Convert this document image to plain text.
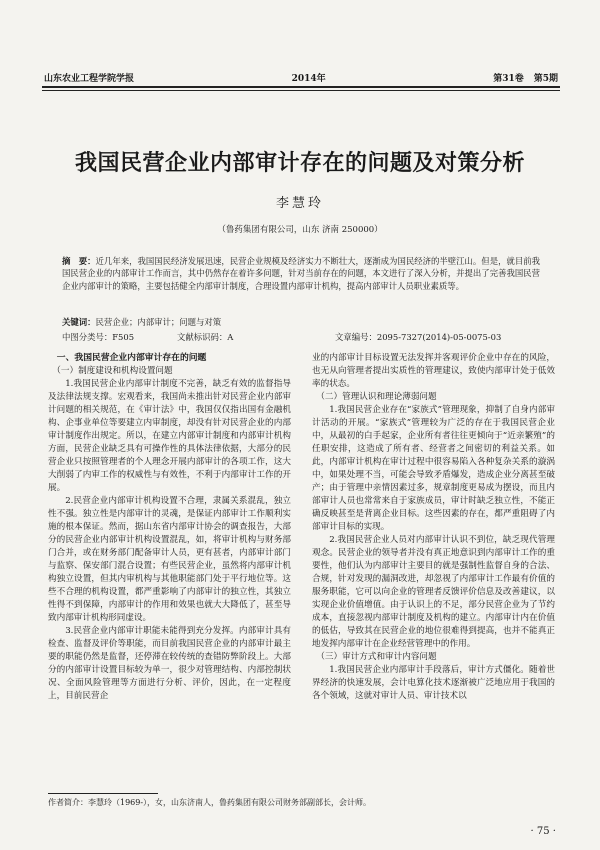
山东农业工程学院学报	2014年	第31卷 第5期
我国民营企业内部审计存在的问题及对策分析
李慧玲
（鲁药集团有限公司，山东 济南 250000）
摘　要：近几年来，我国国民经济发展迅速，民营企业规模及经济实力不断壮大，逐渐成为国民经济的半壁江山。但是，就目前我国民营企业的内部审计工作而言，其中仍然存在着许多问题，针对当前存在的问题，本文进行了深入分析，并提出了完善我国民营企业内部审计的策略，主要包括健全内部审计制度，合理设置内部审计机构，提高内部审计人员职业素质等。
关键词：民营企业；内部审计；问题与对策
中图分类号：F505	文献标识码：A	文章编号：2095-7327(2014)-05-0075-03
一、我国民营企业内部审计存在的问题
（一）制度建设和机构设置问题

1.我国民营企业内部审计制度不完善，缺乏有效的监督指导及法律法规支撑。宏观看来，我国尚未推出针对民营企业内部审计问题的相关规范，在《审计法》中，我国仅仅指出国有金融机构、企事业单位等要建立内审制度，却没有针对民营企业的内部审计制度作出规定。所以，在建立内部审计制度和内部审计机构方面，民营企业缺乏具有可操作性的具体法律依据，大部分的民营企业只按照管理者的个人理念开展内部审计的各项工作，这大大削弱了内审工作的权威性与有效性，不利于内部审计工作的开展。

2.民营企业内部审计机构设置不合理，隶属关系混乱，独立性不强。独立性是内部审计的灵魂，是保证内部审计工作顺利实施的根本保证。然而，据山东省内部审计协会的调查报告，大部分的民营企业内部审计机构设置混乱，如，将审计机构与财务部门合并，或在财务部门配备审计人员，更有甚者，内部审计部门与监察、保安部门混合设置；有些民营企业，虽然将内部审计机构独立设置，但其内审机构与其他职能部门处于平行地位等。这些不合理的机构设置，都严重影响了内部审计的独立性，其独立性得不到保障，内部审计的作用和效果也就大大降低了，甚至导致内部审计机构形同虚设。

3.民营企业内部审计职能未能得到充分发挥。内部审计具有检查、监督及评价等职能，而目前我国民营企业的内部审计最主要的职能仍然是监督，还停滞在较传统的查错防弊阶段上。大部分的内部审计设置目标较为单一，很少对管理结构、内部控制状况、全面风险管理等方面进行分析、评价，因此，在一定程度上，目前民营企

业的内部审计目标设置无法发挥并客观评价企业中存在的风险，也无从向管理者提出实质性的管理建议，致使内部审计处于低效率的状态。

（二）管理认识和理论薄弱问题

1.我国民营企业存在“家族式”管理现象，抑制了自身内部审计活动的开展。“家族式”管理较为广泛的存在于我国民营企业中，从最初的白手起家，企业所有者往往更倾向于“近亲繁殖”的任职安排，这造成了所有者、经营者之间密切的利益关系。如此，内部审计机构在审计过程中很容易陷入各种复杂关系的漩涡中，如果处理不当，可能会导致矛盾爆发，造成企业分离甚至破产；由于管理中亲情因素过多，规章制度更易成为摆设，而且内部审计人员也常常来自于家族成员，审计时缺乏独立性，不能正确反映甚至是背离企业目标。这些因素的存在，都严重阻碍了内部审计目标的实现。

2.我国民营企业人员对内部审计认识不到位，缺乏现代管理观念。民营企业的领导者并没有真正地意识到内部审计工作的重要性，他们认为内部审计主要目的就是强制性监督自身的合法、合规，针对发现的漏洞改进，却忽视了内部审计工作最有价值的服务职能，它可以向企业的管理者反馈评价信息及改善建议，以实现企业价值增值。由于认识上的不足，部分民营企业为了节约成本，直接忽视内部审计制度及机构的建立。内部审计内在价值的低估，导致其在民营企业的地位很难得到提高，也并不能真正地发挥内部审计在企业经营管理中的作用。

（三）审计方式和审计内容问题

1.我国民营企业内部审计手段落后，审计方式僵化。随着世界经济的快速发展，会计电算化技术逐渐被广泛地应用于我国的各个领域，这就对审计人员、审计技术以

作者简介：李慧玲（1969-），女，山东济南人，鲁药集团有限公司财务部副部长，会计师。
· 75 ·
